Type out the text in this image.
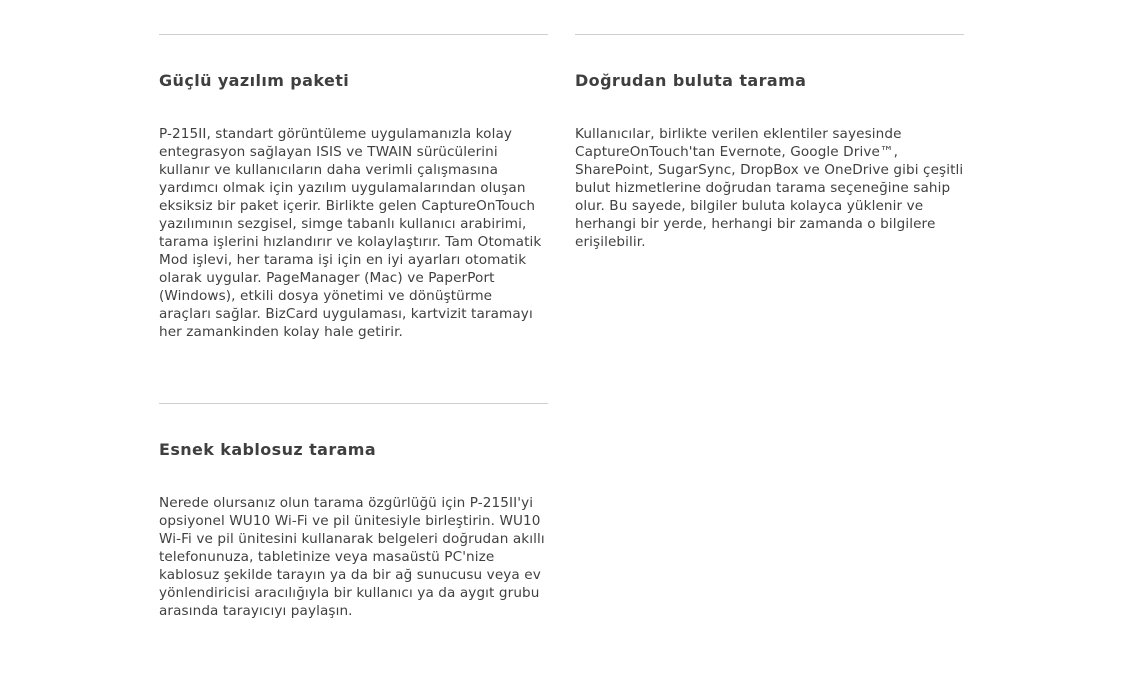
Güçlü yazılım paketi

P-215II, standart görüntüleme uygulamanızla kolay entegrasyon sağlayan ISIS ve TWAIN sürücülerini kullanır ve kullanıcıların daha verimli çalışmasına yardımcı olmak için yazılım uygulamalarından oluşan eksiksiz bir paket içerir. Birlikte gelen CaptureOnTouch yazılımının sezgisel, simge tabanlı kullanıcı arabirimi, tarama işlerini hızlandırır ve kolaylaştırır. Tam Otomatik Mod işlevi, her tarama işi için en iyi ayarları otomatik olarak uygular. PageManager (Mac) ve PaperPort (Windows), etkili dosya yönetimi ve dönüştürme araçları sağlar. BizCard uygulaması, kartvizit taramayı her zamankinden kolay hale getirir.

Doğrudan buluta tarama

Kullanıcılar, birlikte verilen eklentiler sayesinde CaptureOnTouch'tan Evernote, Google Drive™, SharePoint, SugarSync, DropBox ve OneDrive gibi çeşitli bulut hizmetlerine doğrudan tarama seçeneğine sahip olur. Bu sayede, bilgiler buluta kolayca yüklenir ve herhangi bir yerde, herhangi bir zamanda o bilgilere erişilebilir.

Esnek kablosuz tarama

Nerede olursanız olun tarama özgürlüğü için P-215II'yi opsiyonel WU10 Wi-Fi ve pil ünitesiyle birleştirin. WU10 Wi-Fi ve pil ünitesini kullanarak belgeleri doğrudan akıllı telefonunuza, tabletinize veya masaüstü PC'nize kablosuz şekilde tarayın ya da bir ağ sunucusu veya ev yönlendiricisi aracılığıyla bir kullanıcı ya da aygıt grubu arasında tarayıcıyı paylaşın.
